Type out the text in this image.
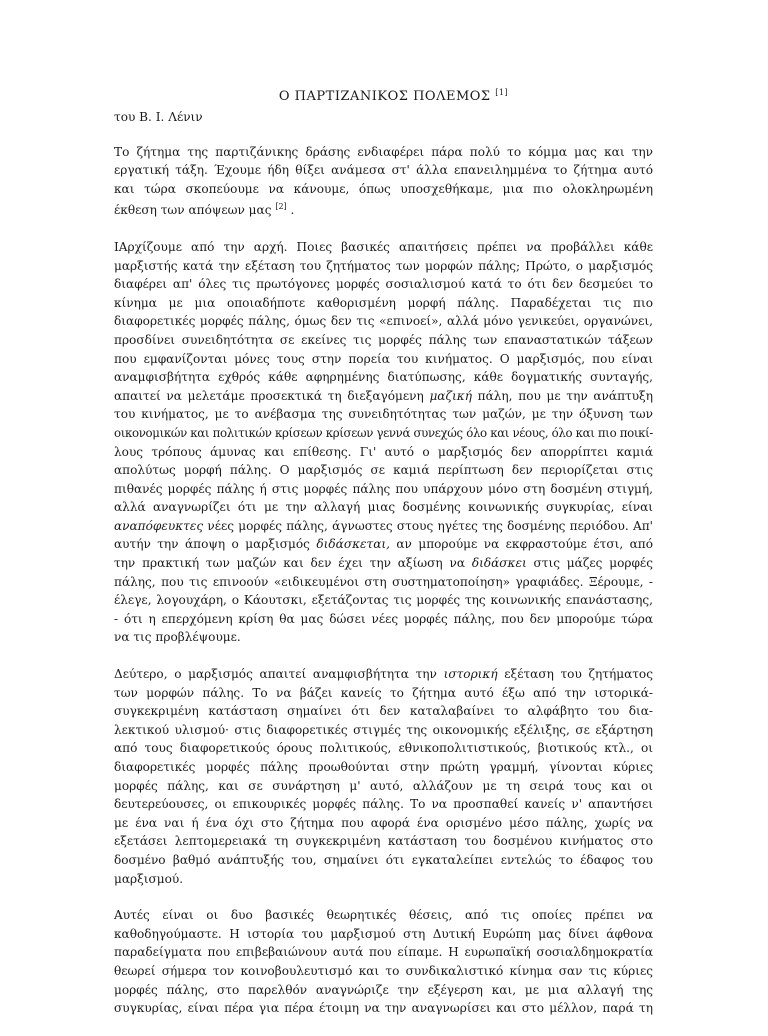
Ο ΠΑΡΤΙΖΑΝΙΚΟΣ ΠΟΛΕΜΟΣ [1]
του Β. Ι. Λένιν
Το ζήτημα της παρτιζάνικης δράσης ενδιαφέρει πάρα πολύ το κόμμα μας και την
εργατική τάξη. Έχουμε ήδη θίξει ανάμεσα στ' άλλα επανειλημμένα το ζήτημα αυτό
και τώρα σκοπεύουμε να κάνουμε, όπως υποσχεθήκαμε, μια πιο ολοκληρωμένη
έκθεση των απόψεων μας [2] .
ΙΑρχίζουμε από την αρχή. Ποιες βασικές απαιτήσεις πρέπει να προβάλλει κάθε
μαρξιστής κατά την εξέταση του ζητήματος των μορφών πάλης; Πρώτο, ο μαρξισμός
διαφέρει απ' όλες τις πρωτόγονες μορφές σοσιαλισμού κατά το ότι δεν δεσμεύει το
κίνημα με μια οποιαδήποτε καθορισμένη μορφή πάλης. Παραδέχεται τις πιο
διαφορετικές μορφές πάλης, όμως δεν τις «επινοεί», αλλά μόνο γενικεύει, οργανώνει,
προσδίνει συνειδητότητα σε εκείνες τις μορφές πάλης των επαναστατικών τάξεων
που εμφανίζονται μόνες τους στην πορεία του κινήματος. Ο μαρξισμός, που είναι
αναμφισβήτητα εχθρός κάθε αφηρημένης διατύπωσης, κάθε δογματικής συνταγής,
απαιτεί να μελετάμε προσεκτικά τη διεξαγόμενη μαζική πάλη, που με την ανάπτυξη
του κινήματος, με το ανέβασμα της συνειδητότητας των μαζών, με την όξυνση των
οικονομικών και πολιτικών κρίσεων κρίσεων γεννά συνεχώς όλο και νέους, όλο και πιο ποικί-
λους τρόπους άμυνας και επίθεσης. Γι' αυτό ο μαρξισμός δεν απορρίπτει καμιά
απολύτως μορφή πάλης. Ο μαρξισμός σε καμιά περίπτωση δεν περιορίζεται στις
πιθανές μορφές πάλης ή στις μορφές πάλης που υπάρχουν μόνο στη δοσμένη στιγμή,
αλλά αναγνωρίζει ότι με την αλλαγή μιας δοσμένης κοινωνικής συγκυρίας, είναι
αναπόφευκτες νέες μορφές πάλης, άγνωστες στους ηγέτες της δοσμένης περιόδου. Απ'
αυτήν την άποψη ο μαρξισμός διδάσκεται, αν μπορούμε να εκφραστούμε έτσι, από
την πρακτική των μαζών και δεν έχει την αξίωση να διδάσκει στις μάζες μορφές
πάλης, που τις επινοούν «ειδικευμένοι στη συστηματοποίηση» γραφιάδες. Ξέρουμε, -
έλεγε, λογουχάρη, ο Κάουτσκι, εξετάζοντας τις μορφές της κοινωνικής επανάστασης,
- ότι η επερχόμενη κρίση θα μας δώσει νέες μορφές πάλης, που δεν μπορούμε τώρα
να τις προβλέψουμε.
Δεύτερο, ο μαρξισμός απαιτεί αναμφισβήτητα την ιστορική εξέταση του ζητήματος
των μορφών πάλης. Το να βάζει κανείς το ζήτημα αυτό έξω από την ιστορικά-
συγκεκριμένη κατάσταση σημαίνει ότι δεν καταλαβαίνει το αλφάβητο του δια-
λεκτικού υλισμού· στις διαφορετικές στιγμές της οικονομικής εξέλιξης, σε εξάρτηση
από τους διαφορετικούς όρους πολιτικούς, εθνικοπολιτιστικούς, βιοτικούς κτλ., οι
διαφορετικές μορφές πάλης προωθούνται στην πρώτη γραμμή, γίνονται κύριες
μορφές πάλης, και σε συνάρτηση μ' αυτό, αλλάζουν με τη σειρά τους και οι
δευτερεύουσες, οι επικουρικές μορφές πάλης. Το να προσπαθεί κανείς ν' απαντήσει
με ένα ναι ή ένα όχι στο ζήτημα που αφορά ένα ορισμένο μέσο πάλης, χωρίς να
εξετάσει λεπτομερειακά τη συγκεκριμένη κατάσταση του δοσμένου κινήματος στο
δοσμένο βαθμό ανάπτυξής του, σημαίνει ότι εγκαταλείπει εντελώς το έδαφος του
μαρξισμού.
Αυτές είναι οι δυο βασικές θεωρητικές θέσεις, από τις οποίες πρέπει να
καθοδηγούμαστε. Η ιστορία του μαρξισμού στη Δυτική Ευρώπη μας δίνει άφθονα
παραδείγματα που επιβεβαιώνουν αυτά που είπαμε. Η ευρωπαϊκή σοσιαλδημοκρατία
θεωρεί σήμερα τον κοινοβουλευτισμό και το συνδικαλιστικό κίνημα σαν τις κύριες
μορφές πάλης, στο παρελθόν αναγνώριζε την εξέγερση και, με μια αλλαγή της
συγκυρίας, είναι πέρα για πέρα έτοιμη να την αναγνωρίσει και στο μέλλον, παρά τη
